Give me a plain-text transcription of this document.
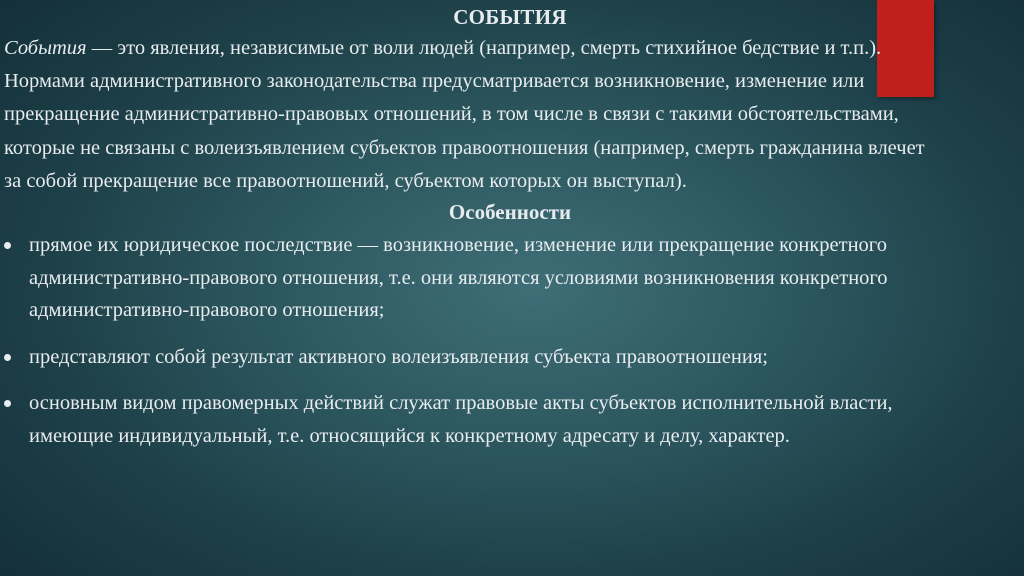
СОБЫТИЯ

События — это явления, независимые от воли людей (например, смерть стихийное бедствие и т.п.). Нормами административного законодательства предусматривается возникновение, изменение или прекращение административно-правовых отношений, в том числе в связи с такими обстоятельствами, которые не связаны с волеизъявлением субъектов правоотношения (например, смерть гражданина влечет за собой прекращение все правоотношений, субъектом которых он выступал).

Особенности
прямое их юридическое последствие — возникновение, изменение или прекращение конкретного административно-правового отношения, т.е. они являются условиями возникновения конкретного административно-правового отношения;
представляют собой результат активного волеизъявления субъекта правоотношения;
основным видом правомерных действий служат правовые акты субъектов исполнительной власти, имеющие индивидуальный, т.е. относящийся к конкретному адресату и делу, характер.
